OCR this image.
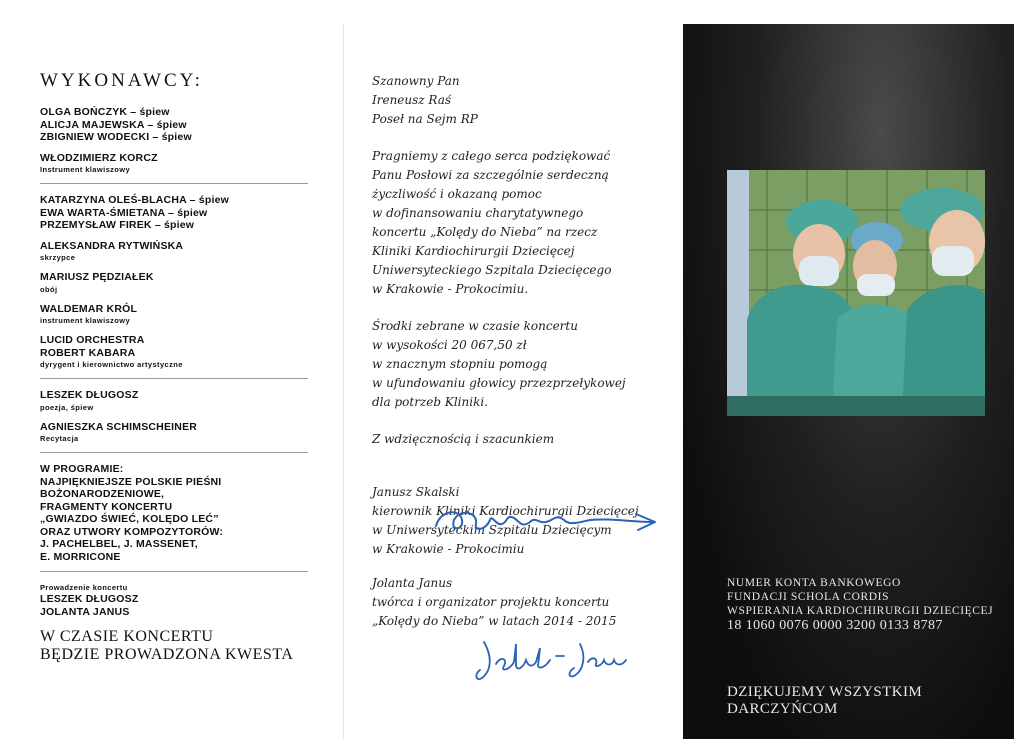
WYKONAWCY:
OLGA BOŃCZYK – śpiew
ALICJA MAJEWSKA – śpiew
ZBIGNIEW WODECKI – śpiew
WŁODZIMIERZ KORCZ
Instrument klawiszowy
KATARZYNA OLEŚ-BLACHA – śpiew
EWA WARTA-ŚMIETANA – śpiew
PRZEMYSŁAW FIREK – śpiew
ALEKSANDRA RYTWIŃSKA
skrzypce
MARIUSZ PĘDZIAŁEK
obój
WALDEMAR KRÓL
instrument klawiszowy
LUCID ORCHESTRA
ROBERT KABARA
dyrygent i kierownictwo artystyczne
LESZEK DŁUGOSZ
poezja, śpiew
AGNIESZKA SCHIMSCHEINER
Recytacja
W PROGRAMIE:
NAJPIĘKNIEJSZE POLSKIE PIEŚNI
BOŻONARODZENIOWE,
FRAGMENTY KONCERTU
„GWIAZDO ŚWIEĆ, KOLĘDO LEĆ”
ORAZ UTWORY KOMPOZYTORÓW:
J. PACHELBEL, J. MASSENET,
E. MORRICONE
Prowadzenie koncertu
LESZEK DŁUGOSZ
JOLANTA JANUS
W CZASIE KONCERTU
BĘDZIE PROWADZONA KWESTA
Szanowny Pan
Ireneusz Raś
Poseł na Sejm RP
Pragniemy z całego serca podziękować
Panu Posłowi za szczególnie serdeczną
życzliwość i okazaną pomoc
w dofinansowaniu charytatywnego
koncertu „Kolędy do Nieba” na rzecz
Kliniki Kardiochirurgii Dziecięcej
Uniwersyteckiego Szpitala Dziecięcego
w Krakowie - Prokocimiu.
Środki zebrane w czasie koncertu
w wysokości 20 067,50 zł
w znacznym stopniu pomogą
w ufundowaniu głowicy przezprzełykowej
dla potrzeb Kliniki.
Z wdzięcznością i szacunkiem
Janusz Skalski
kierownik Kliniki Kardiochirurgii Dziecięcej
w Uniwersyteckim Szpitalu Dziecięcym
w Krakowie - Prokocimiu
Jolanta Janus
twórca i organizator projektu koncertu
„Kolędy do Nieba” w latach 2014 - 2015
NUMER KONTA BANKOWEGO
FUNDACJI SCHOLA CORDIS
WSPIERANIA KARDIOCHIRURGII DZIECIĘCEJ
18 1060 0076 0000 3200 0133 8787
DZIĘKUJEMY WSZYSTKIM DARCZYŃCOM
